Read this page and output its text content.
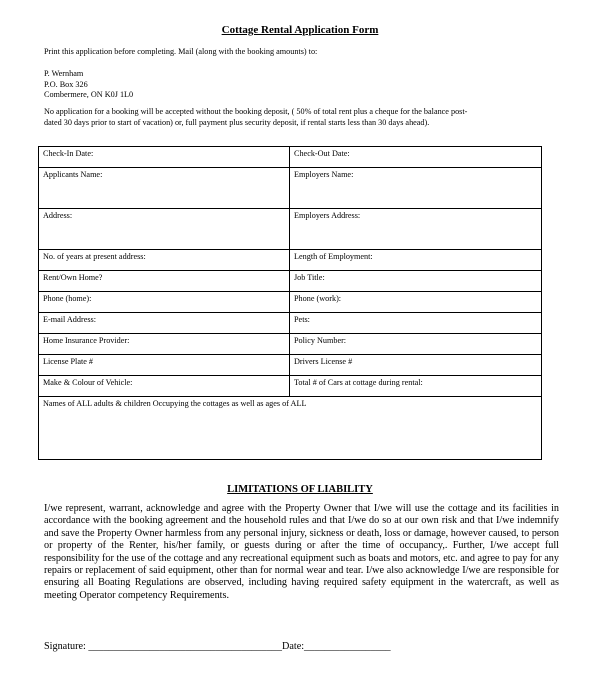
Cottage Rental Application Form
Print this application before completing. Mail (along with the booking amounts) to:
P. Wernham
P.O. Box 326
Combermere, ON K0J 1L0
No application for a booking will be accepted without the booking deposit, ( 50% of total rent plus a cheque for the balance post-
dated 30 days prior to start of vacation) or, full payment plus security deposit, if rental starts less than 30 days ahead).
Check-In Date:	Check-Out Date:
Applicants Name:	Employers Name:
Address:	Employers Address:
No. of years at present address:	Length of Employment:
Rent/Own Home?	Job Title:
Phone (home):	Phone (work):
E-mail Address:	Pets:
Home Insurance Provider:	Policy Number:
License Plate #	Drivers License #
Make & Colour of Vehicle:	Total # of Cars at cottage during rental:
Names of ALL adults & children Occupying the cottages as well as ages of ALL	
LIMITATIONS OF LIABILITY
I/we represent, warrant, acknowledge and agree with the Property Owner that I/we will use the cottage and its facilities in accordance with the booking agreement and the household rules and that I/we do so at our own risk and that I/we indemnify and save the Property Owner harmless from any personal injury, sickness or death, loss or damage, however caused, to person or property of the Renter, his/her family, or guests during or after the time of occupancy,. Further, I/we accept full responsibility for the use of the cottage and any recreational equipment such as boats and motors, etc. and agree to pay for any repairs or replacement of said equipment, other than for normal wear and tear. I/we also acknowledge I/we are responsible for ensuring all Boating Regulations are observed, including having required safety equipment in the watercraft, as well as meeting Operator competency Requirements.
Signature: ______________________________________Date:_________________
